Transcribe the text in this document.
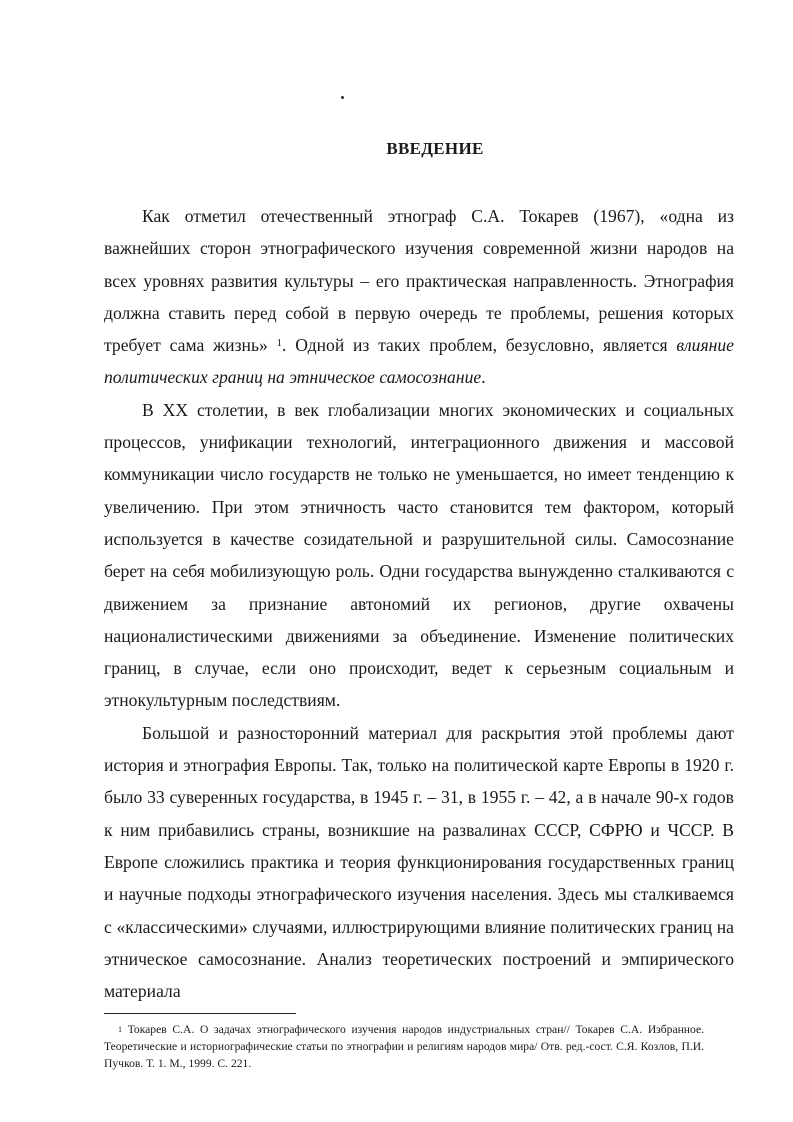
ВВЕДЕНИЕ

Как отметил отечественный этнограф С.А. Токарев (1967), «одна из важнейших сторон этнографического изучения современной жизни народов на всех уровнях развития культуры – его практическая направленность. Этнография должна ставить перед собой в первую очередь те проблемы, решения которых требует сама жизнь» $^1$. Одной из таких проблем, безусловно, является влияние политических границ на этническое самосознание.

В XX столетии, в век глобализации многих экономических и социальных процессов, унификации технологий, интеграционного движения и массовой коммуникации число государств не только не уменьшается, но имеет тенденцию к увеличению. При этом этничность часто становится тем фактором, который используется в качестве созидательной и разрушительной силы. Самосознание берет на себя мобилизующую роль. Одни государства вынужденно сталкиваются с движением за признание автономий их регионов, другие охвачены националистическими движениями за объединение. Изменение политических границ, в случае, если оно происходит, ведет к серьезным социальным и этнокультурным последствиям.

Большой и разносторонний материал для раскрытия этой проблемы дают история и этнография Европы. Так, только на политической карте Европы в 1920 г. было 33 суверенных государства, в 1945 г. – 31, в 1955 г. – 42, а в начале 90-х годов к ним прибавились страны, возникшие на развалинах СССР, СФРЮ и ЧССР. В Европе сложились практика и теория функционирования государственных границ и научные подходы этнографического изучения населения. Здесь мы сталкиваемся с «классическими» случаями, иллюстрирующими влияние политических границ на этническое самосознание. Анализ теоретических построений и эмпирического материала

$^1$ Токарев С.А. О задачах этнографического изучения народов индустриальных стран// Токарев С.А. Избранное. Теоретические и историографические статьи по этнографии и религиям народов мира/ Отв. ред.-сост. С.Я. Козлов, П.И. Пучков. Т. 1. М., 1999. С. 221.
